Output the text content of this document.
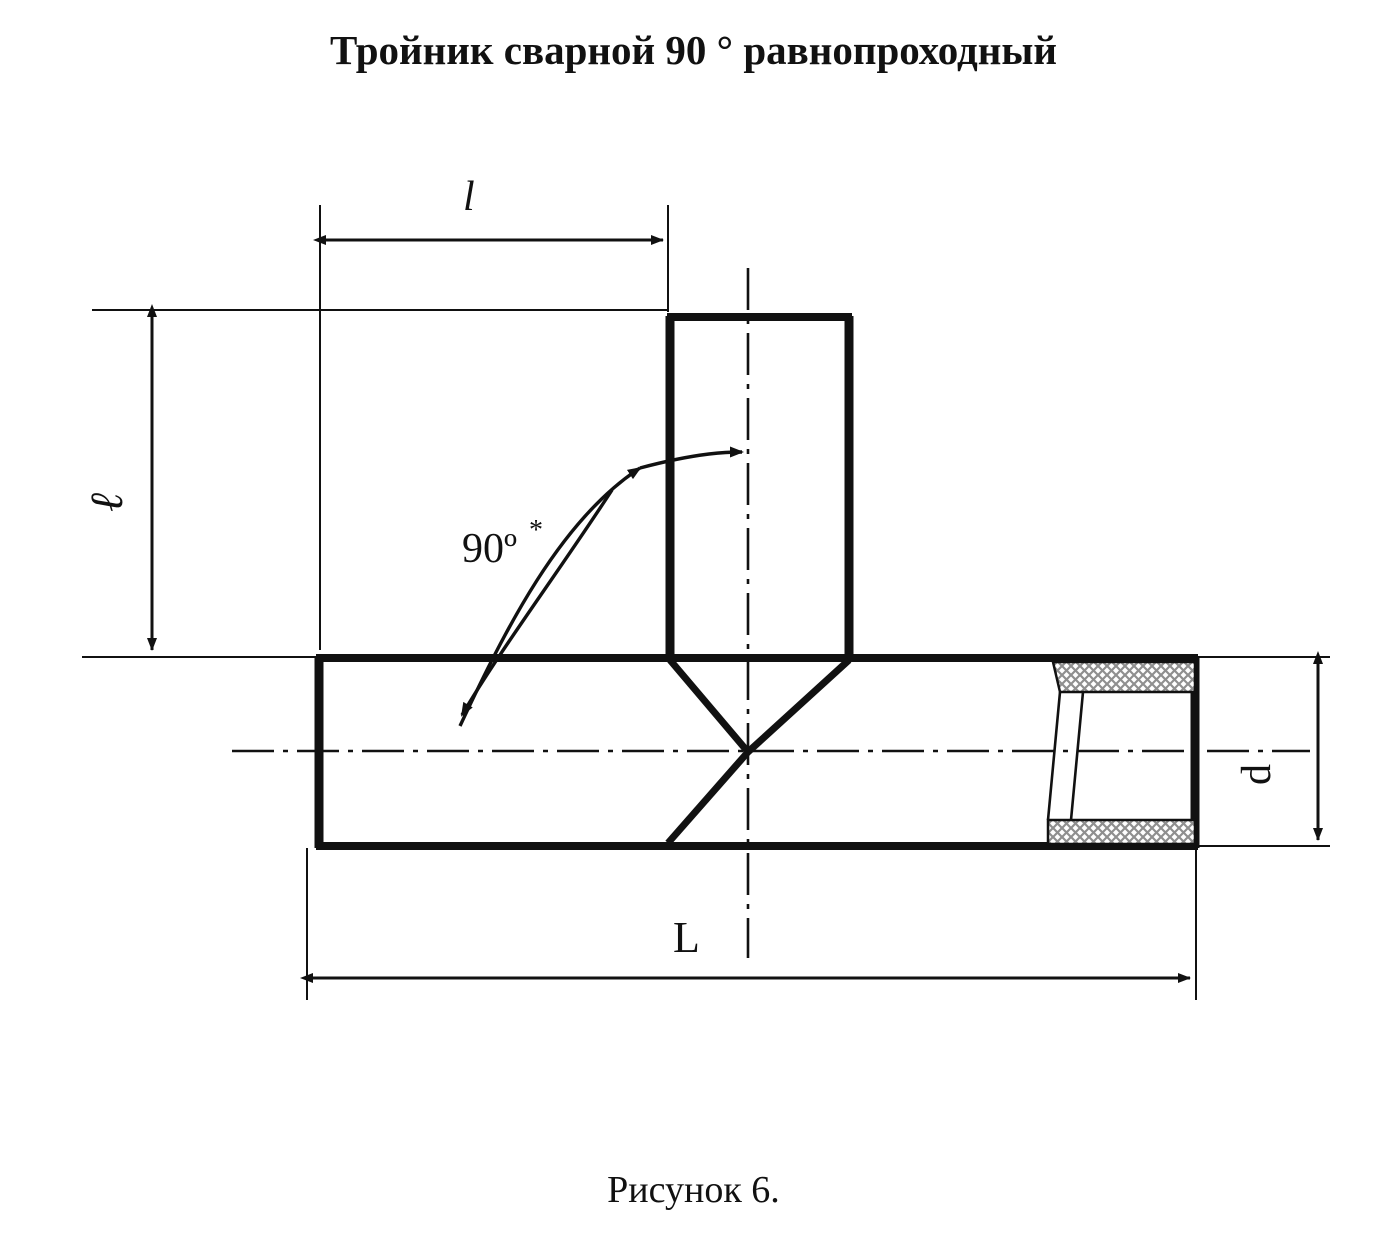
Тройник сварной 90 ° равнопроходный
l
ℓ
90º *
L
d
Рисунок 6.
